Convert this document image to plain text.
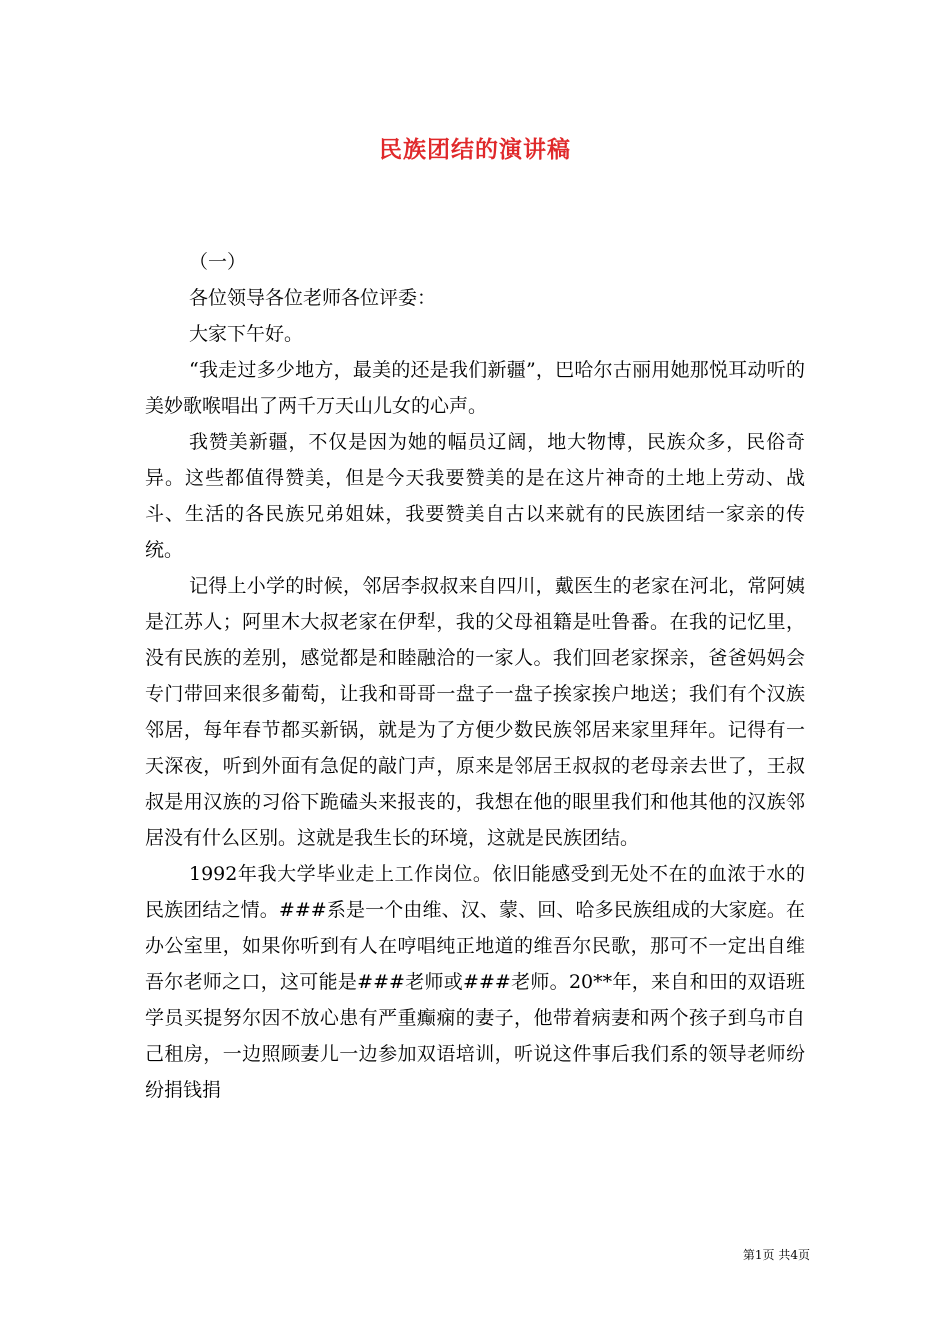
民族团结的演讲稿

（一）

各位领导各位老师各位评委：

大家下午好。

“我走过多少地方，最美的还是我们新疆”，巴哈尔古丽用她那悦耳动听的美妙歌喉唱出了两千万天山儿女的心声。

我赞美新疆，不仅是因为她的幅员辽阔，地大物博，民族众多，民俗奇异。这些都值得赞美，但是今天我要赞美的是在这片神奇的土地上劳动、战斗、生活的各民族兄弟姐妹，我要赞美自古以来就有的民族团结一家亲的传统。

记得上小学的时候，邻居李叔叔来自四川，戴医生的老家在河北，常阿姨是江苏人；阿里木大叔老家在伊犁，我的父母祖籍是吐鲁番。在我的记忆里，没有民族的差别，感觉都是和睦融洽的一家人。我们回老家探亲，爸爸妈妈会专门带回来很多葡萄，让我和哥哥一盘子一盘子挨家挨户地送；我们有个汉族邻居，每年春节都买新锅，就是为了方便少数民族邻居来家里拜年。记得有一天深夜，听到外面有急促的敲门声，原来是邻居王叔叔的老母亲去世了，王叔叔是用汉族的习俗下跪磕头来报丧的，我想在他的眼里我们和他其他的汉族邻居没有什么区别。这就是我生长的环境，这就是民族团结。

1992年我大学毕业走上工作岗位。依旧能感受到无处不在的血浓于水的民族团结之情。###系是一个由维、汉、蒙、回、哈多民族组成的大家庭。在办公室里，如果你听到有人在哼唱纯正地道的维吾尔民歌，那可不一定出自维吾尔老师之口，这可能是###老师或###老师。20**年，来自和田的双语班学员买提努尔因不放心患有严重癫痫的妻子，他带着病妻和两个孩子到乌市自己租房，一边照顾妻儿一边参加双语培训，听说这件事后我们系的领导老师纷纷捐钱捐

第1页 共4页
